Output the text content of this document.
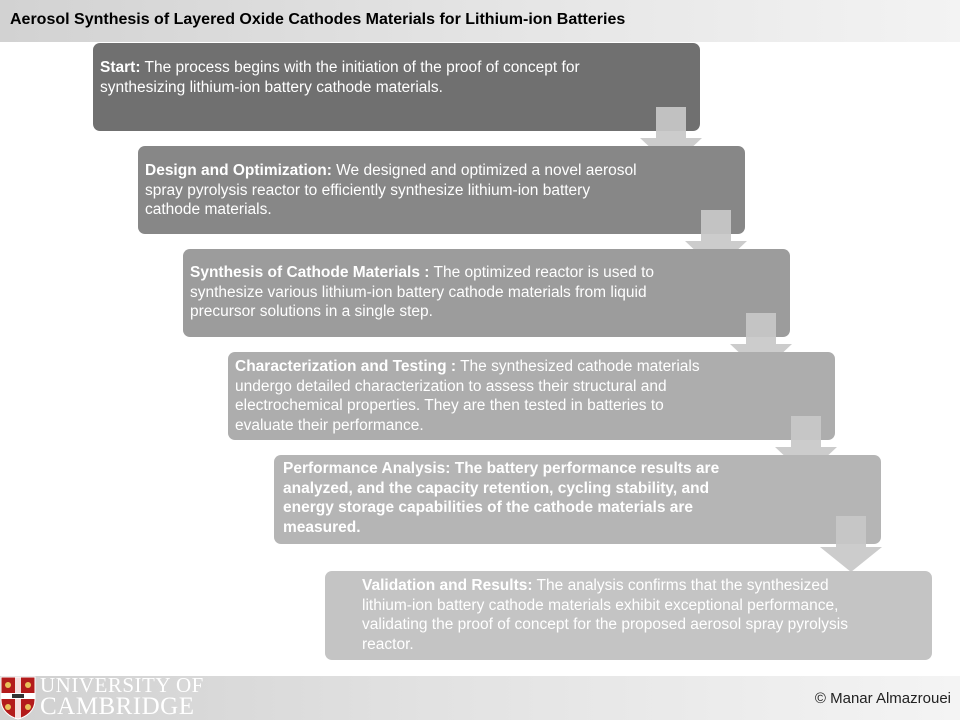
Aerosol Synthesis of Layered Oxide Cathodes Materials for Lithium-ion Batteries
Start: The process begins with the initiation of the proof of concept for synthesizing lithium-ion battery cathode materials.
Design and Optimization: We designed and optimized a novel aerosol spray pyrolysis reactor to efficiently synthesize lithium-ion battery cathode materials.
Synthesis of Cathode Materials : The optimized reactor is used to synthesize various lithium-ion battery cathode materials from liquid precursor solutions in a single step.
Characterization and Testing : The synthesized cathode materials undergo detailed characterization to assess their structural and electrochemical properties. They are then tested in batteries to evaluate their performance.
Performance Analysis: The battery performance results are analyzed, and the capacity retention, cycling stability, and energy storage capabilities of the cathode materials are measured.
Validation and Results: The analysis confirms that the synthesized lithium-ion battery cathode materials exhibit exceptional performance, validating the proof of concept for the proposed aerosol spray pyrolysis reactor.
UNIVERSITY OF
CAMBRIDGE	© Manar Almazrouei
